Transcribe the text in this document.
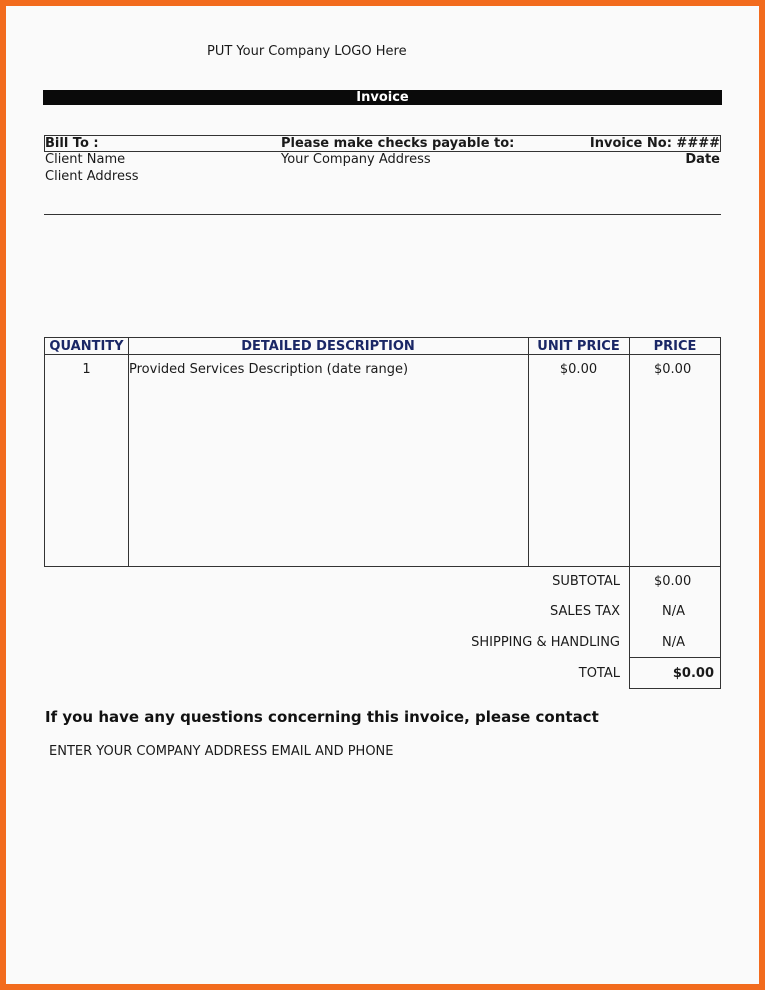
PUT Your Company LOGO Here
Invoice
Bill To :	Please make checks payable to:	Invoice No: ####
Client Name	Your Company Address	Date
Client Address
QUANTITY	DETAILED DESCRIPTION	UNIT PRICE	PRICE
1	Provided Services Description (date range)	$0.00	$0.00
SUBTOTAL	$0.00
SALES TAX	N/A
SHIPPING & HANDLING	N/A
TOTAL	$0.00
If you have any questions concerning this invoice, please contact
ENTER YOUR COMPANY ADDRESS EMAIL AND PHONE
